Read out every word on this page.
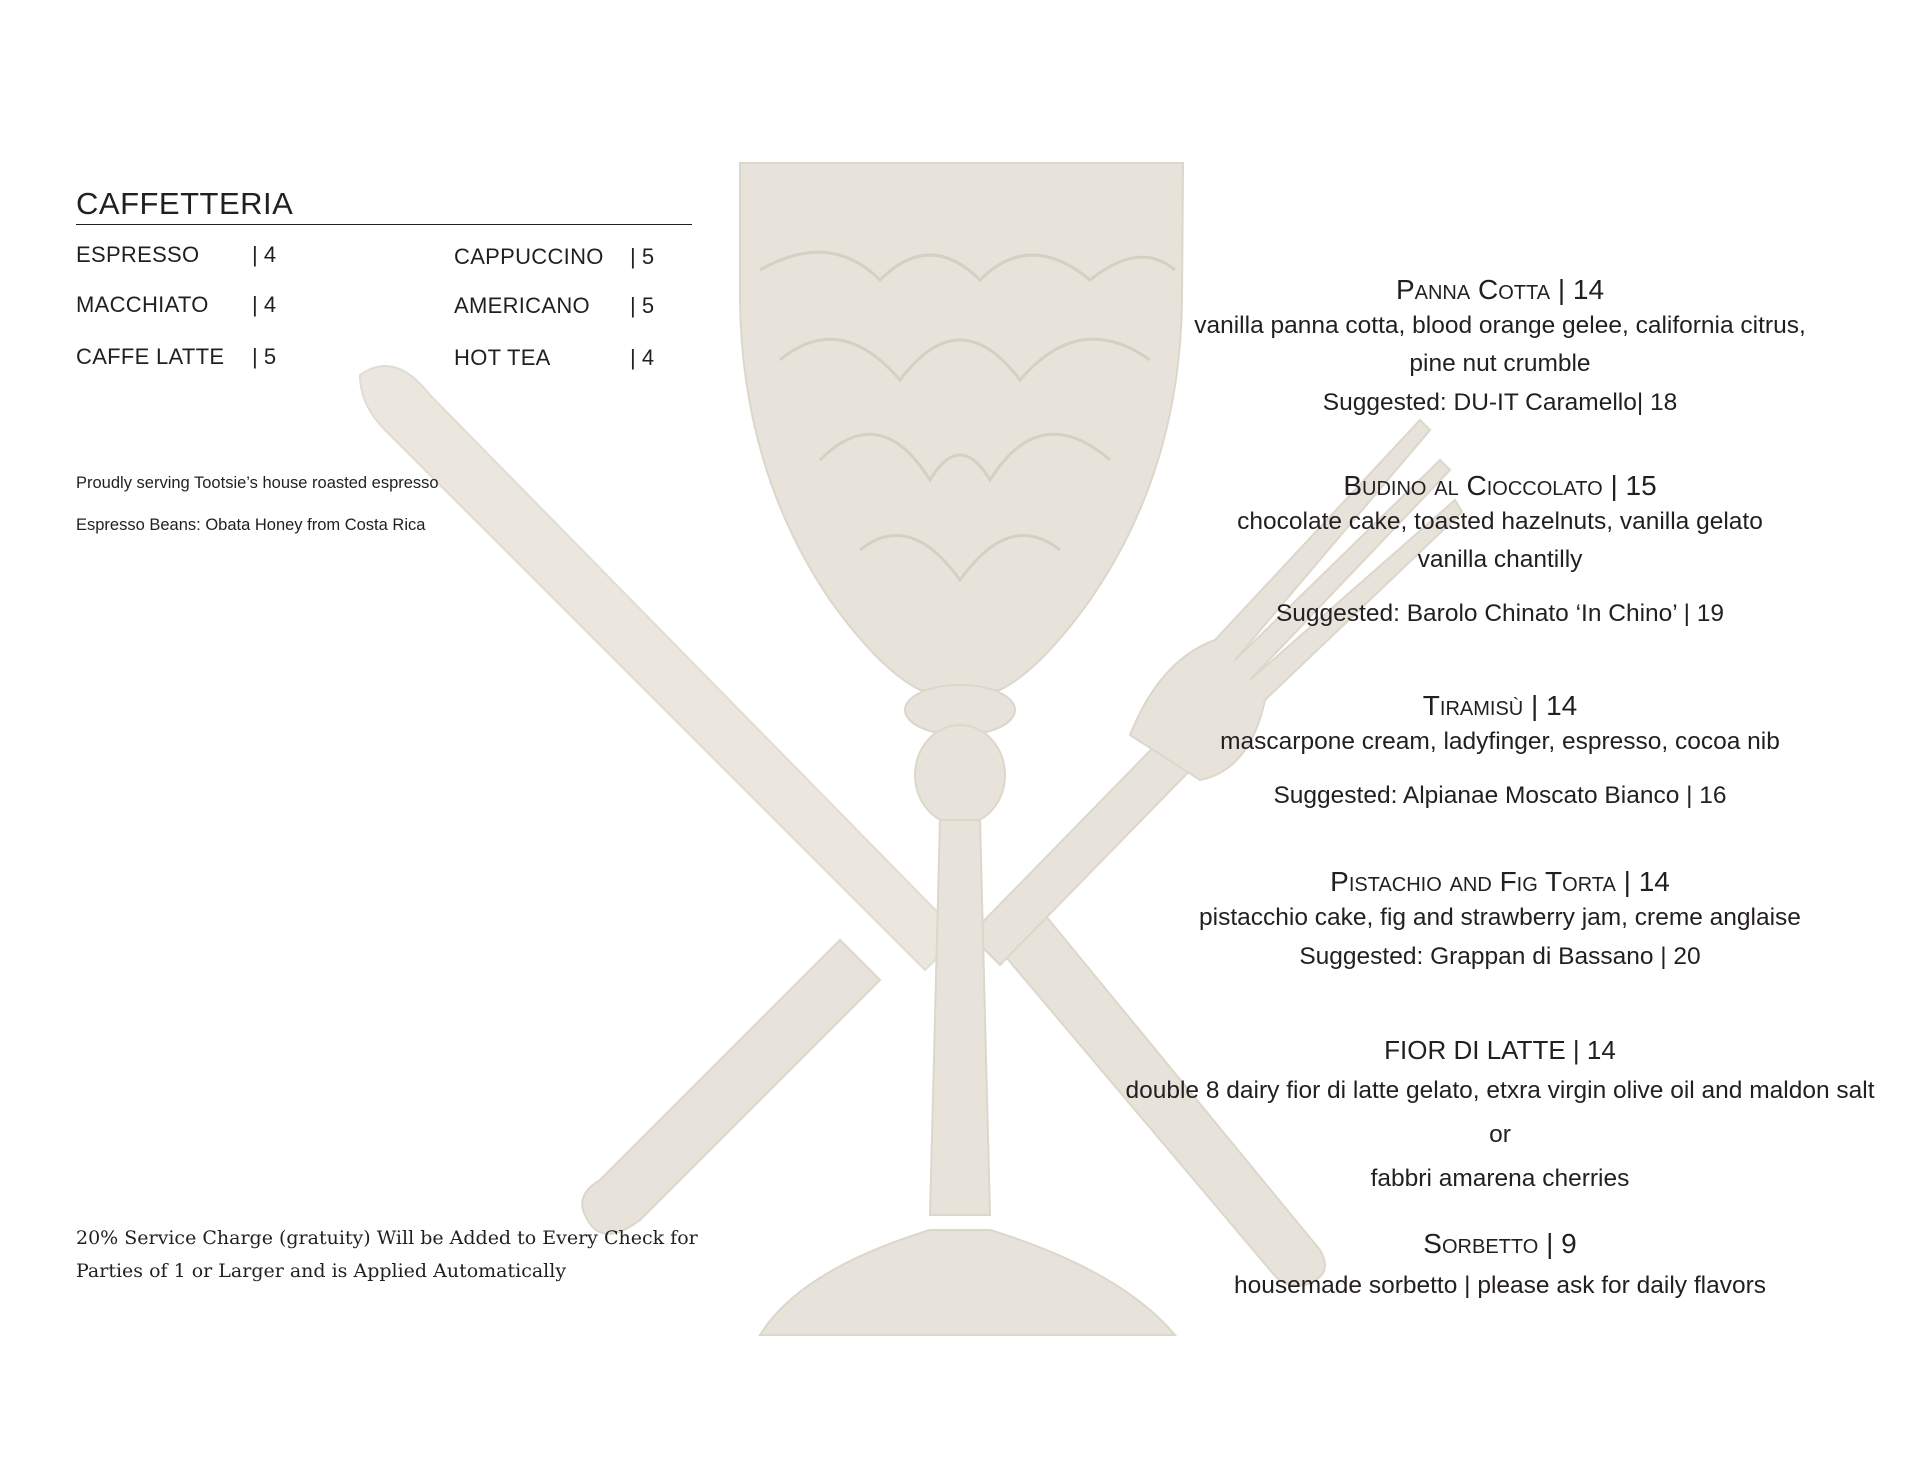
CAFFETTERIA
ESPRESSO | 4
MACCHIATO | 4
CAFFE LATTE | 5
CAPPUCCINO | 5
AMERICANO | 5
HOT TEA	| 4
Proudly serving Tootsie’s house roasted espresso
Espresso Beans: Obata Honey from Costa Rica
20% Service Charge (gratuity) Will be Added to Every Check for
Parties of 1 or Larger and is Applied Automatically
Panna Cotta | 14
vanilla panna cotta, blood orange gelee, california citrus,
pine nut crumble
Suggested: DU-IT Caramello| 18
Budino al Cioccolato | 15
chocolate cake, toasted hazelnuts, vanilla gelato
vanilla chantilly
Suggested: Barolo Chinato ‘In Chino’ | 19
Tiramisù | 14
mascarpone cream, ladyfinger, espresso, cocoa nib
Suggested: Alpianae Moscato Bianco | 16
Pistachio and Fig Torta | 14
pistacchio cake, fig and strawberry jam, creme anglaise
Suggested: Grappan di Bassano | 20
FIOR DI LATTE | 14
double 8 dairy fior di latte gelato, etxra virgin olive oil and maldon salt
or
fabbri amarena cherries
Sorbetto | 9
housemade sorbetto | please ask for daily flavors
